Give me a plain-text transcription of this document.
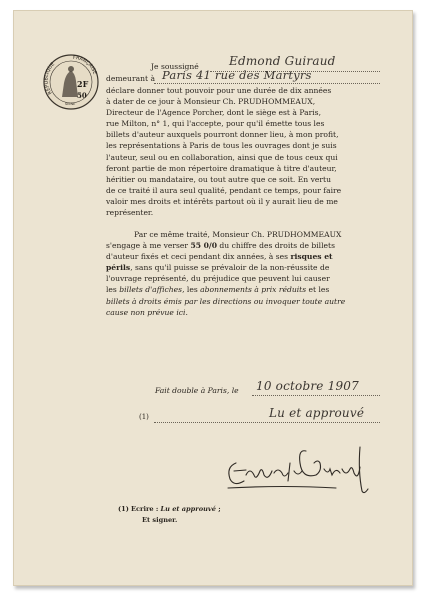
RÉPUBLIQUE
FRANÇAISE
2F
50
SEINE
Je soussigné	Edmond Guiraud
demeurant à Paris 41 rue des Martyrs

déclare donner tout pouvoir pour une durée de dix années

à dater de ce jour à Monsieur Ch. PRUDHOMMEAUX,

Directeur de l'Agence Porcher, dont le siège est à Paris,

rue Milton, n° 1, qui l'accepte, pour qu'il émette tous les

billets d'auteur auxquels pourront donner lieu, à mon profit,

les représentations à Paris de tous les ouvrages dont je suis

l'auteur, seul ou en collaboration, ainsi que de tous ceux qui

feront partie de mon répertoire dramatique à titre d'auteur,

héritier ou mandataire, ou tout autre que ce soit. En vertu

de ce traité il aura seul qualité, pendant ce temps, pour faire

valoir mes droits et intérêts partout où il y aurait lieu de me

représenter.

Par ce même traité, Monsieur Ch. PRUDHOMMEAUX

s'engage à me verser 55 0/0 du chiffre des droits de billets

d'auteur fixés et ceci pendant dix années, à ses risques et

périls, sans qu'il puisse se prévaloir de la non-réussite de

l'ouvrage représenté, du préjudice que peuvent lui causer

les billets d'affiches, les abonnements à prix réduits et les

billets à droits émis par les directions ou invoquer toute autre

cause non prévue ici.

Fait double à Paris, le 10 octobre 1907
(1)	Lu et approuvé
(1) Ecrire : Lu et approuvé ;
Et signer.
